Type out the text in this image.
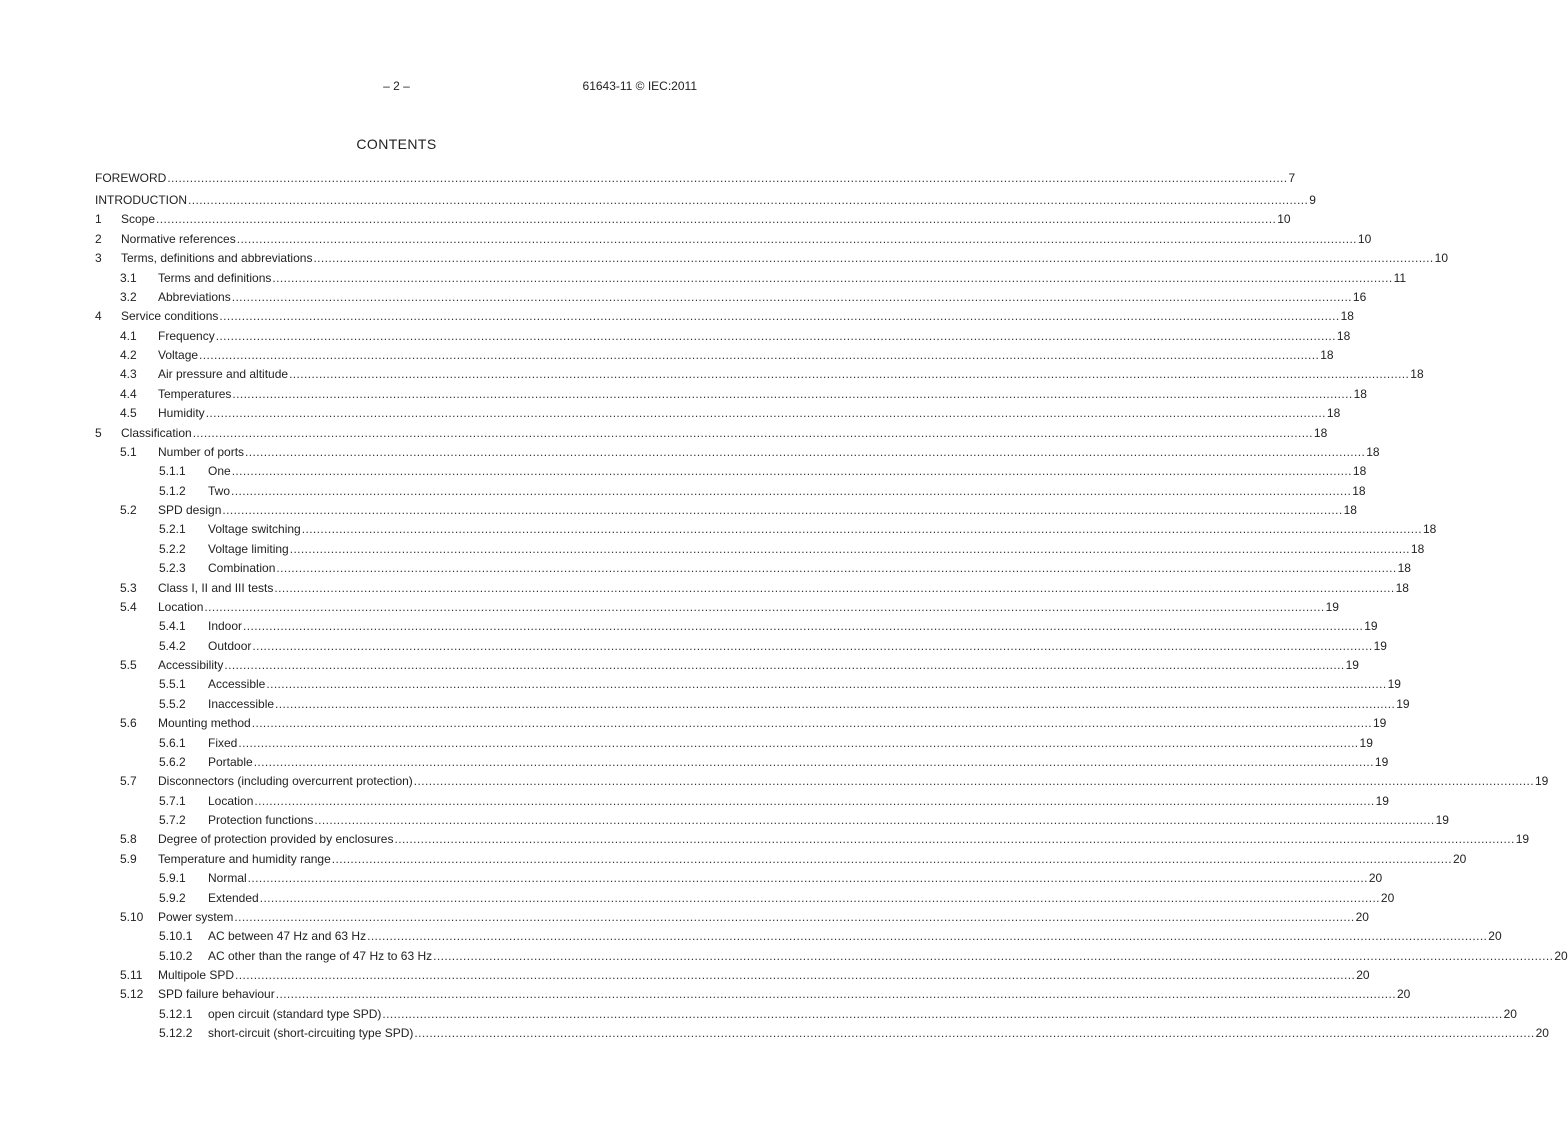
– 2 –	61643-11 © IEC:2011
CONTENTS
FOREWORD ............................................................................................................................................................................................................................................................................................................ 7
INTRODUCTION ............................................................................................................................................................................................................................................................................................................ 9
1	Scope ............................................................................................................................................................................................................................................................................................................ 10
2	Normative references ............................................................................................................................................................................................................................................................................................................ 10
3	Terms, definitions and abbreviations ............................................................................................................................................................................................................................................................................................................ 10
3.1	Terms and definitions ............................................................................................................................................................................................................................................................................................................ 11
3.2	Abbreviations ............................................................................................................................................................................................................................................................................................................ 16
4	Service conditions ............................................................................................................................................................................................................................................................................................................ 18
4.1	Frequency ............................................................................................................................................................................................................................................................................................................ 18
4.2	Voltage ............................................................................................................................................................................................................................................................................................................ 18
4.3	Air pressure and altitude ............................................................................................................................................................................................................................................................................................................ 18
4.4	Temperatures ............................................................................................................................................................................................................................................................................................................ 18
4.5	Humidity ............................................................................................................................................................................................................................................................................................................ 18
5	Classification ............................................................................................................................................................................................................................................................................................................ 18
5.1	Number of ports ............................................................................................................................................................................................................................................................................................................ 18
5.1.1	One ............................................................................................................................................................................................................................................................................................................ 18
5.1.2	Two ............................................................................................................................................................................................................................................................................................................ 18
5.2	SPD design ............................................................................................................................................................................................................................................................................................................ 18
5.2.1	Voltage switching ............................................................................................................................................................................................................................................................................................................ 18
5.2.2	Voltage limiting ............................................................................................................................................................................................................................................................................................................ 18
5.2.3	Combination ............................................................................................................................................................................................................................................................................................................ 18
5.3	Class I, II and III tests ............................................................................................................................................................................................................................................................................................................ 18
5.4	Location ............................................................................................................................................................................................................................................................................................................ 19
5.4.1	Indoor ............................................................................................................................................................................................................................................................................................................ 19
5.4.2	Outdoor ............................................................................................................................................................................................................................................................................................................ 19
5.5	Accessibility ............................................................................................................................................................................................................................................................................................................ 19
5.5.1	Accessible ............................................................................................................................................................................................................................................................................................................ 19
5.5.2	Inaccessible ............................................................................................................................................................................................................................................................................................................ 19
5.6	Mounting method ............................................................................................................................................................................................................................................................................................................ 19
5.6.1	Fixed ............................................................................................................................................................................................................................................................................................................ 19
5.6.2	Portable ............................................................................................................................................................................................................................................................................................................ 19
5.7	Disconnectors (including overcurrent protection) ............................................................................................................................................................................................................................................................................................................ 19
5.7.1	Location ............................................................................................................................................................................................................................................................................................................ 19
5.7.2	Protection functions ............................................................................................................................................................................................................................................................................................................ 19
5.8	Degree of protection provided by enclosures ............................................................................................................................................................................................................................................................................................................ 19
5.9	Temperature and humidity range ............................................................................................................................................................................................................................................................................................................ 20
5.9.1	Normal ............................................................................................................................................................................................................................................................................................................ 20
5.9.2	Extended ............................................................................................................................................................................................................................................................................................................ 20
5.10	Power system ............................................................................................................................................................................................................................................................................................................ 20
5.10.1	AC between 47 Hz and 63 Hz ............................................................................................................................................................................................................................................................................................................ 20
5.10.2	AC other than the range of 47 Hz to 63 Hz ............................................................................................................................................................................................................................................................................................................ 20
5.11	Multipole SPD ............................................................................................................................................................................................................................................................................................................ 20
5.12	SPD failure behaviour ............................................................................................................................................................................................................................................................................................................ 20
5.12.1	open circuit (standard type SPD) ............................................................................................................................................................................................................................................................................................................ 20
5.12.2	short-circuit (short-circuiting type SPD) ............................................................................................................................................................................................................................................................................................................ 20
